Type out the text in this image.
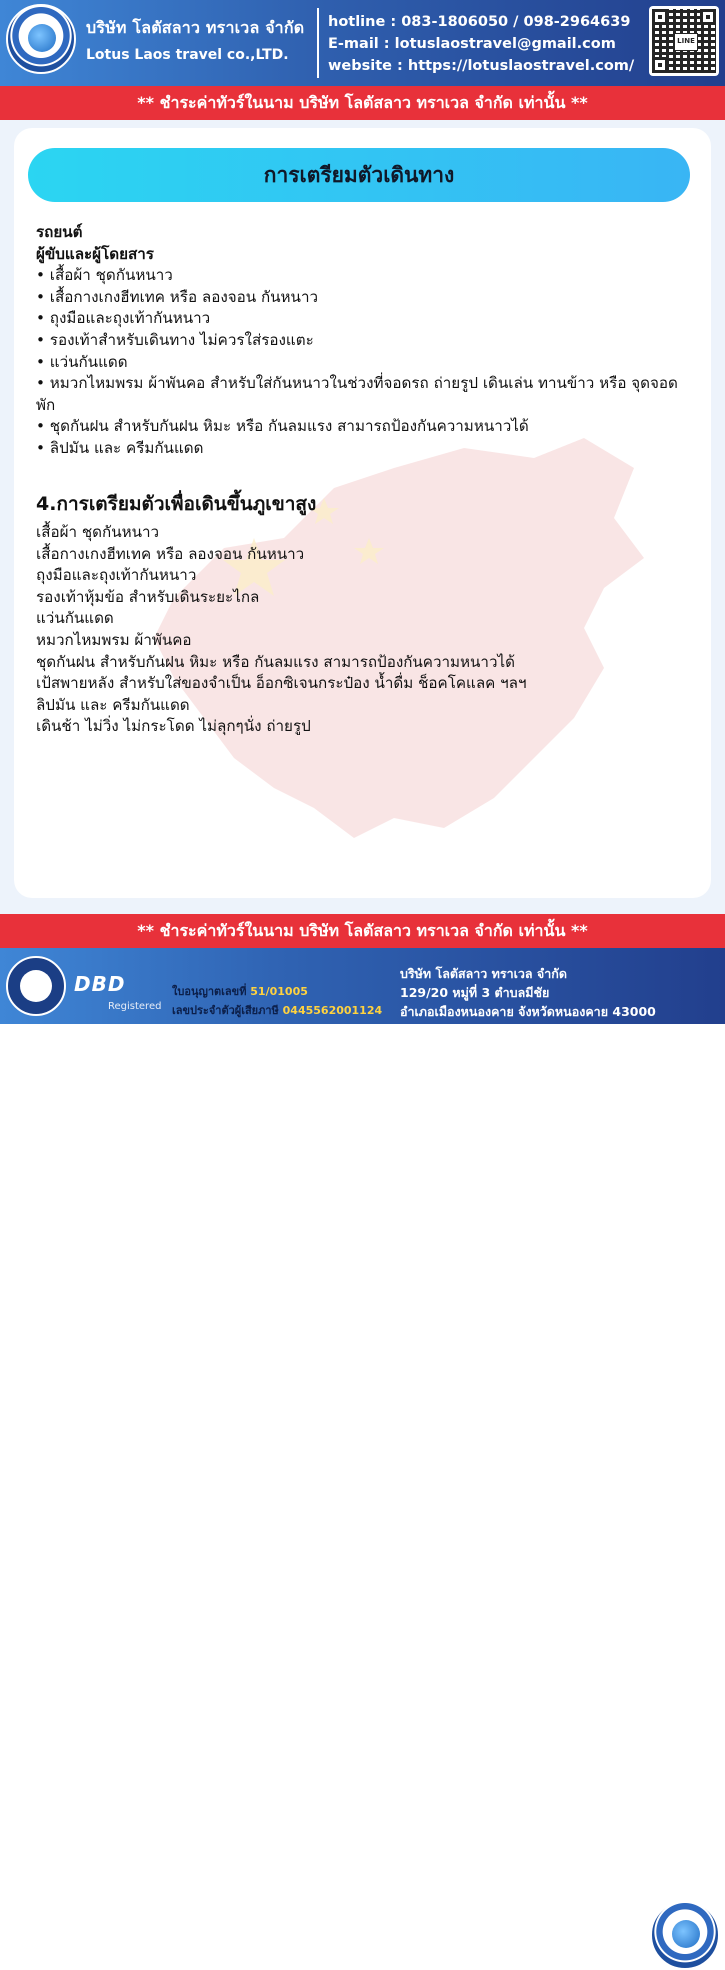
บริษัท โลตัสลาว ทราเวล จำกัด
Lotus Laos travel co.,LTD.
hotline : 083-1806050 / 098-2964639
E-mail : lotuslaostravel@gmail.com
website : https://lotuslaostravel.com/
LINE
** ชำระค่าทัวร์ในนาม บริษัท โลตัสลาว ทราเวล จำกัด เท่านั้น **
การเตรียมตัวเดินทาง
รถยนต์
ผู้ขับและผู้โดยสาร
• เสื้อผ้า ชุดกันหนาว
• เสื้อกางเกงฮีทเทค หรือ ลองจอน กันหนาว
• ถุงมือและถุงเท้ากันหนาว
• รองเท้าสำหรับเดินทาง ไม่ควรใส่รองแตะ
• แว่นกันแดด
• หมวกไหมพรม ผ้าพันคอ สำหรับใส่กันหนาวในช่วงที่จอดรถ ถ่ายรูป เดินเล่น ทานข้าว หรือ จุดจอดพัก
• ชุดกันฝน สำหรับกันฝน หิมะ หรือ กันลมแรง สามารถป้องกันความหนาวได้
• ลิปมัน และ ครีมกันแดด
4.การเตรียมตัวเพื่อเดินขึ้นภูเขาสูง
เสื้อผ้า ชุดกันหนาว
เสื้อกางเกงฮีทเทค หรือ ลองจอน กันหนาว
ถุงมือและถุงเท้ากันหนาว
รองเท้าหุ้มข้อ สำหรับเดินระยะไกล
แว่นกันแดด
หมวกไหมพรม ผ้าพันคอ
ชุดกันฝน สำหรับกันฝน หิมะ หรือ กันลมแรง สามารถป้องกันความหนาวได้
เป้สพายหลัง สำหรับใส่ของจำเป็น อ็อกซิเจนกระป๋อง น้ำดื่ม ช็อคโคแลค ฯลฯ
ลิปมัน และ ครีมกันแดด
เดินช้า ไม่วิ่ง ไม่กระโดด ไม่ลุกๆนั่ง ถ่ายรูป
** ชำระค่าทัวร์ในนาม บริษัท โลตัสลาว ทราเวล จำกัด เท่านั้น **
DBD
Registered
ใบอนุญาตเลขที่ 51/01005
เลขประจำตัวผู้เสียภาษี 0445562001124
บริษัท โลตัสลาว ทราเวล จำกัด
129/20 หมู่ที่ 3 ตำบลมีชัย
อำเภอเมืองหนองคาย จังหวัดหนองคาย 43000
